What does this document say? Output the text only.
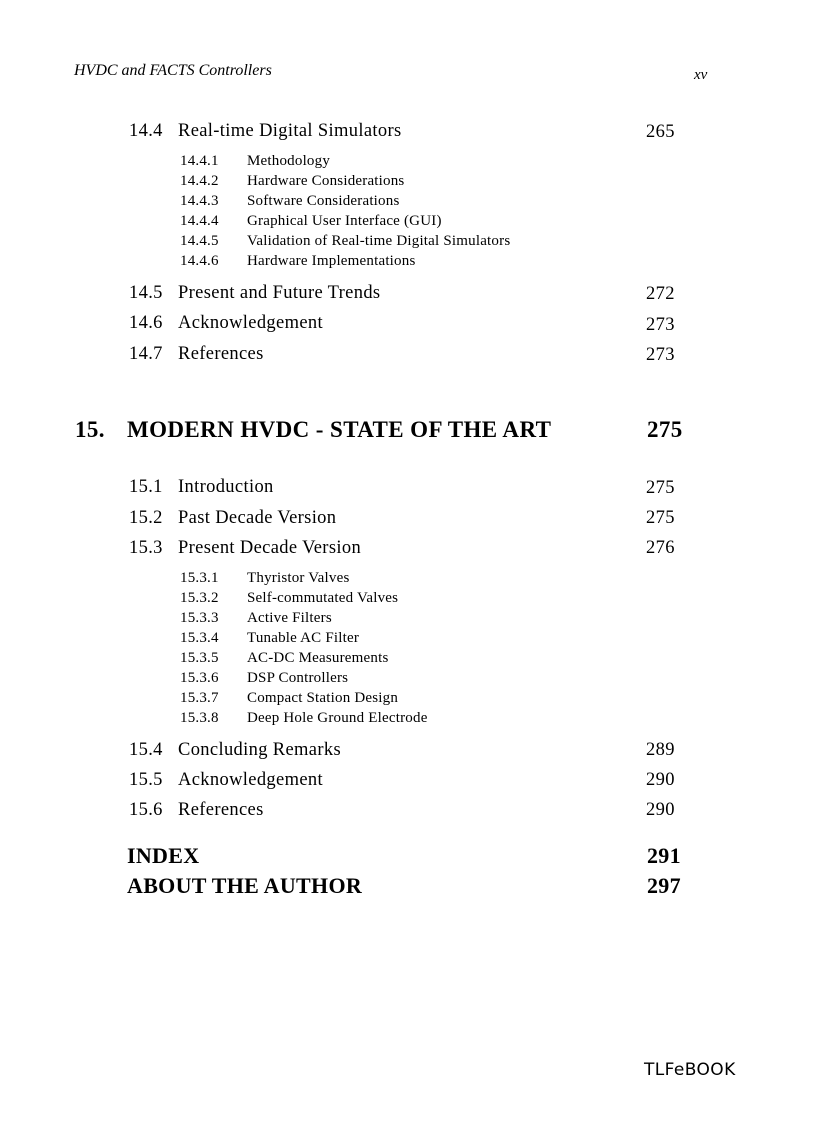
HVDC and FACTS Controllers	xv
14.4 Real-time Digital Simulators	265
14.4.1 Methodology
14.4.2 Hardware Considerations
14.4.3 Software Considerations
14.4.4 Graphical User Interface (GUI)
14.4.5 Validation of Real-time Digital Simulators
14.4.6 Hardware Implementations
14.5 Present and Future Trends	272
14.6 Acknowledgement	273
14.7 References	273
15. MODERN HVDC - STATE OF THE ART	275
15.1 Introduction	275
15.2 Past Decade Version	275
15.3 Present Decade Version	276
15.3.1 Thyristor Valves
15.3.2 Self-commutated Valves
15.3.3 Active Filters
15.3.4 Tunable AC Filter
15.3.5 AC-DC Measurements
15.3.6 DSP Controllers
15.3.7 Compact Station Design
15.3.8 Deep Hole Ground Electrode
15.4 Concluding Remarks	289
15.5 Acknowledgement	290
15.6 References	290
INDEX	291
ABOUT THE AUTHOR	297
TLFeBOOK
